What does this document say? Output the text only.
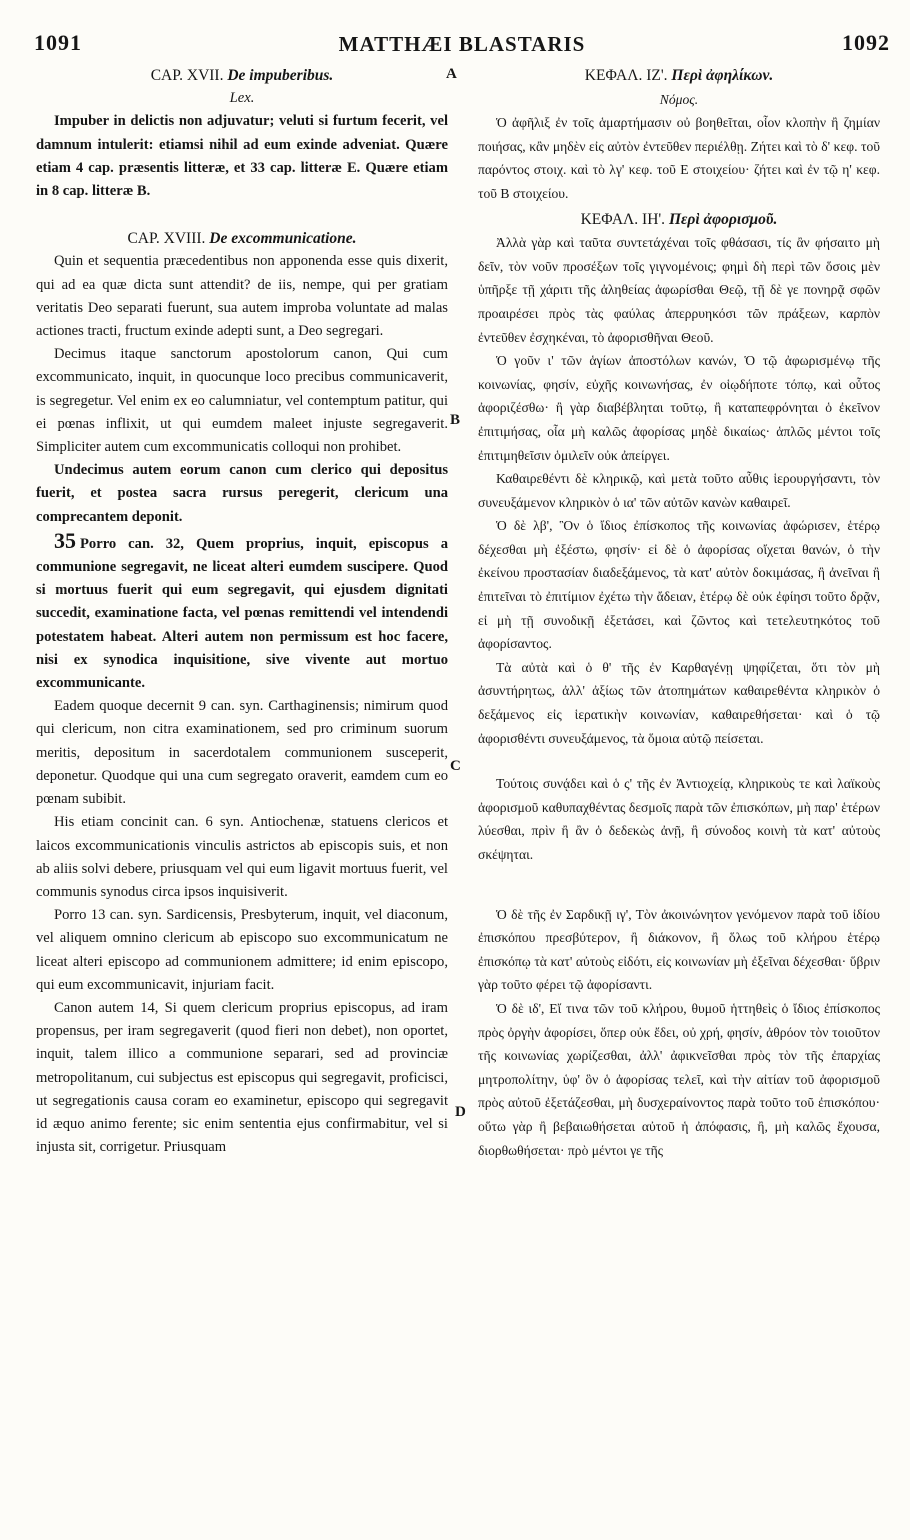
1091	MATTHÆI BLASTARIS	1092
A
B
C
D

CAP. XVII. De impuberibus.

Lex.

Impuber in delictis non adjuvatur; veluti si furtum fecerit, vel damnum intulerit: etiamsi nihil ad eum exinde adveniat. Quære etiam 4 cap. præsentis litteræ, et 33 cap. litteræ E. Quære etiam in 8 cap. litteræ B.

CAP. XVIII. De excommunicatione.

Quin et sequentia præcedentibus non apponenda esse quis dixerit, qui ad ea quæ dicta sunt attendit? de iis, nempe, qui per gratiam veritatis Deo separati fuerunt, sua autem improba voluntate ad malas actiones tracti, fructum exinde adepti sunt, a Deo segregari.

Decimus itaque sanctorum apostolorum canon, Qui cum excommunicato, inquit, in quocunque loco precibus communicaverit, is segregetur. Vel enim ex eo calumniatur, vel contemptum patitur, qui ei pœnas inflixit, ut qui eumdem maleet injuste segregaverit. Simpliciter autem cum excommunicatis colloqui non prohibet.

Undecimus autem eorum canon cum clerico qui depositus fuerit, et postea sacra rursus peregerit, clericum una comprecantem deponit.

35 Porro can. 32, Quem proprius, inquit, episcopus a communione segregavit, ne liceat alteri eumdem suscipere. Quod si mortuus fuerit qui eum segregavit, qui ejusdem dignitati succedit, examinatione facta, vel pœnas remittendi vel intendendi potestatem habeat. Alteri autem non permissum est hoc facere, nisi ex synodica inquisitione, sive vivente aut mortuo excommunicante.

Eadem quoque decernit 9 can. syn. Carthaginensis; nimirum quod qui clericum, non citra examinationem, sed pro criminum suorum meritis, depositum in sacerdotalem communionem susceperit, deponetur. Quodque qui una cum segregato oraverit, eamdem cum eo pœnam subibit.

His etiam concinit can. 6 syn. Antiochenæ, statuens clericos et laicos excommunicationis vinculis astrictos ab episcopis suis, et non ab aliis solvi debere, priusquam vel qui eum ligavit mortuus fuerit, vel communis synodus circa ipsos inquisiverit.

Porro 13 can. syn. Sardicensis, Presbyterum, inquit, vel diaconum, vel aliquem omnino clericum ab episcopo suo excommunicatum ne liceat alteri episcopo ad communionem admittere; id enim episcopo, qui eum excommunicavit, injuriam facit.

Canon autem 14, Si quem clericum proprius episcopus, ad iram propensus, per iram segregaverit (quod fieri non debet), non oportet, inquit, talem illico a communione separari, sed ad provinciæ metropolitanum, cui subjectus est episcopus qui segregavit, proficisci, ut segregationis causa coram eo examinetur, episcopo qui segregavit id æquo animo ferente; sic enim sententia ejus confirmabitur, vel si injusta sit, corrigetur. Priusquam

ΚΕΦΑΛ. ΙΖ'. Περὶ ἀφηλίκων.

Νόμος.

Ὁ ἀφῆλιξ ἐν τοῖς ἁμαρτήμασιν οὐ βοηθεῖται, οἷον κλοπὴν ἢ ζημίαν ποιήσας, κἂν μηδὲν εἰς αὐτὸν ἐντεῦθεν περιέλθῃ. Ζήτει καὶ τὸ δ' κεφ. τοῦ παρόντος στοιχ. καὶ τὸ λγ' κεφ. τοῦ Ε στοιχείου· ζήτει καὶ ἐν τῷ η' κεφ. τοῦ Β στοιχείου.

ΚΕΦΑΛ. ΙΗ'. Περὶ ἀφορισμοῦ.

Ἀλλὰ γὰρ καὶ ταῦτα συντετάχέναι τοῖς φθάσασι, τίς ἂν φήσαιτο μὴ δεῖν, τὸν νοῦν προσέξων τοῖς γιγνομένοις; φημὶ δὴ περὶ τῶν ὅσοις μὲν ὑπῆρξε τῇ χάριτι τῆς ἀληθείας ἀφωρίσθαι Θεῷ, τῇ δὲ γε πονηρᾷ σφῶν προαιρέσει πρὸς τὰς φαύλας ἀπερρυηκόσι τῶν πράξεων, καρπὸν ἐντεῦθεν ἐσχηκέναι, τὸ ἀφορισθῆναι Θεοῦ.

Ὁ γοῦν ι' τῶν ἁγίων ἀποστόλων κανών, Ὁ τῷ ἀφωρισμένῳ τῆς κοινωνίας, φησίν, εὐχῆς κοινωνήσας, ἐν οἱῳδήποτε τόπῳ, καὶ οὗτος ἀφοριζέσθω· ἢ γὰρ διαβέβληται τοῦτῳ, ἢ καταπεφρόνηται ὁ ἐκεῖνον ἐπιτιμήσας, οἷα μὴ καλῶς ἀφορίσας μηδὲ δικαίως· ἁπλῶς μέντοι τοῖς ἐπιτιμηθεῖσιν ὁμιλεῖν οὐκ ἀπείργει.

Καθαιρεθέντι δὲ κληρικῷ, καὶ μετὰ τοῦτο αὖθις ἱερουργήσαντι, τὸν συνευξάμενον κληρικὸν ὁ ια' τῶν αὐτῶν κανὼν καθαιρεῖ.

Ὁ δὲ λβ', Ὃν ὁ ἴδιος ἐπίσκοπος τῆς κοινωνίας ἀφώρισεν, ἑτέρῳ δέχεσθαι μὴ ἐξέστω, φησίν· εἰ δὲ ὁ ἀφορίσας οἴχεται θανών, ὁ τὴν ἐκείνου προστασίαν διαδεξάμενος, τὰ κατ' αὐτὸν δοκιμάσας, ἢ ἀνεῖναι ἢ ἐπιτεῖναι τὸ ἐπιτίμιον ἐχέτω τὴν ἄδειαν, ἑτέρῳ δὲ οὐκ ἐφίησι τοῦτο δρᾷν, εἰ μὴ τῇ συνοδικῇ ἐξετάσει, καὶ ζῶντος καὶ τετελευτηκότος τοῦ ἀφορίσαντος.

Τὰ αὐτὰ καὶ ὁ θ' τῆς ἐν Καρθαγένῃ ψηφίζεται, ὅτι τὸν μὴ ἀσυντήρητως, ἀλλ' ἀξίως τῶν ἀτοπημάτων καθαιρεθέντα κληρικὸν ὁ δεξάμενος εἰς ἱερατικὴν κοινωνίαν, καθαιρεθήσεται· καὶ ὁ τῷ ἀφορισθέντι συνευξάμενος, τὰ ὅμοια αὐτῷ πείσεται.

Τούτοις συνᾴδει καὶ ὁ ς' τῆς ἐν Ἀντιοχείᾳ, κληρικοὺς τε καὶ λαϊκοὺς ἀφορισμοῦ καθυπαχθέντας δεσμοῖς παρὰ τῶν ἐπισκόπων, μὴ παρ' ἑτέρων λύεσθαι, πρὶν ἢ ἂν ὁ δεδεκὼς ἀνῇ, ἢ σύνοδος κοινὴ τὰ κατ' αὐτοὺς σκέψηται.

Ὁ δὲ τῆς ἐν Σαρδικῇ ιγ', Τὸν ἀκοινώνητον γενόμενον παρὰ τοῦ ἰδίου ἐπισκόπου πρεσβύτερον, ἢ διάκονον, ἢ ὅλως τοῦ κλήρου ἑτέρῳ ἐπισκόπῳ τὰ κατ' αὐτοὺς εἰδότι, εἰς κοινωνίαν μὴ ἐξεῖναι δέχεσθαι· ὕβριν γὰρ τοῦτο φέρει τῷ ἀφορίσαντι.

Ὁ δὲ ιδ', Εἴ τινα τῶν τοῦ κλήρου, θυμοῦ ἡττηθεὶς ὁ ἴδιος ἐπίσκοπος πρὸς ὀργὴν ἀφορίσει, ὅπερ οὐκ ἔδει, οὐ χρή, φησίν, ἀθρόον τὸν τοιοῦτον τῆς κοινωνίας χωρίζεσθαι, ἀλλ' ἀφικνεῖσθαι πρὸς τὸν τῆς ἐπαρχίας μητροπολίτην, ὑφ' ὃν ὁ ἀφορίσας τελεῖ, καὶ τὴν αἰτίαν τοῦ ἀφορισμοῦ πρὸς αὐτοῦ ἐξετάζεσθαι, μὴ δυσχεραίνοντος παρὰ τοῦτο τοῦ ἐπισκόπου· οὕτω γὰρ ἢ βεβαιωθήσεται αὐτοῦ ἡ ἀπόφασις, ἢ, μὴ καλῶς ἔχουσα, διορθωθήσεται· πρὸ μέντοι γε τῆς
